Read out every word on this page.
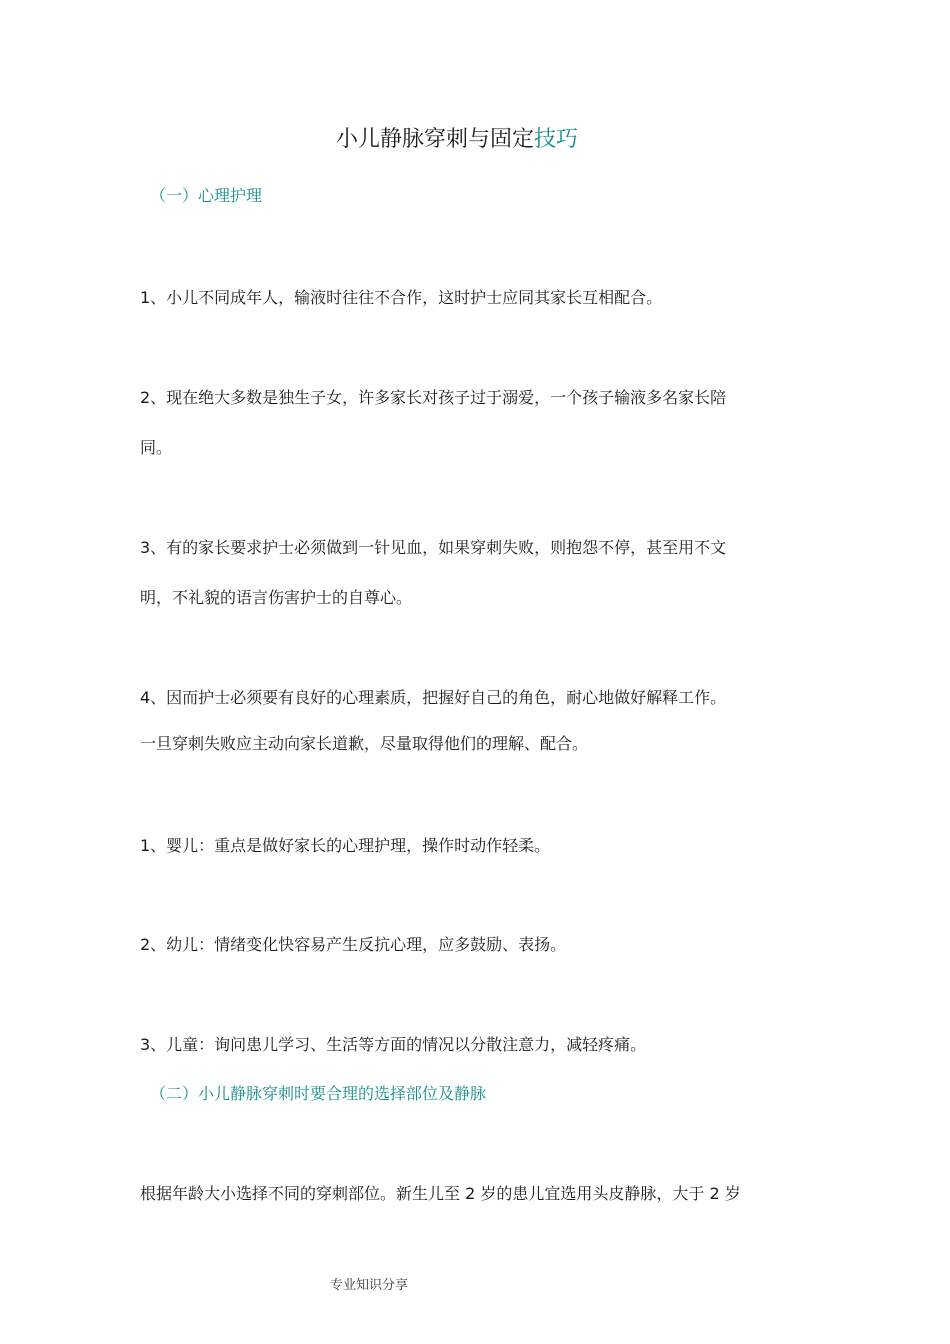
小儿静脉穿刺与固定技巧
（一）心理护理

1、小儿不同成年人，输液时往往不合作，这时护士应同其家长互相配合。

2、现在绝大多数是独生子女，许多家长对孩子过于溺爱，一个孩子输液多名家长陪

同。

3、有的家长要求护士必须做到一针见血，如果穿刺失败，则抱怨不停，甚至用不文

明，不礼貌的语言伤害护士的自尊心。

4、因而护士必须要有良好的心理素质，把握好自己的角色，耐心地做好解释工作。

一旦穿刺失败应主动向家长道歉，尽量取得他们的理解、配合。

1、婴儿：重点是做好家长的心理护理，操作时动作轻柔。

2、幼儿：情绪变化快容易产生反抗心理，应多鼓励、表扬。

3、儿童：询问患儿学习、生活等方面的情况以分散注意力，减轻疼痛。

（二）小儿静脉穿刺时要合理的选择部位及静脉

根据年龄大小选择不同的穿刺部位。新生儿至 2 岁的患儿宜选用头皮静脉，大于 2 岁

专业知识分享
